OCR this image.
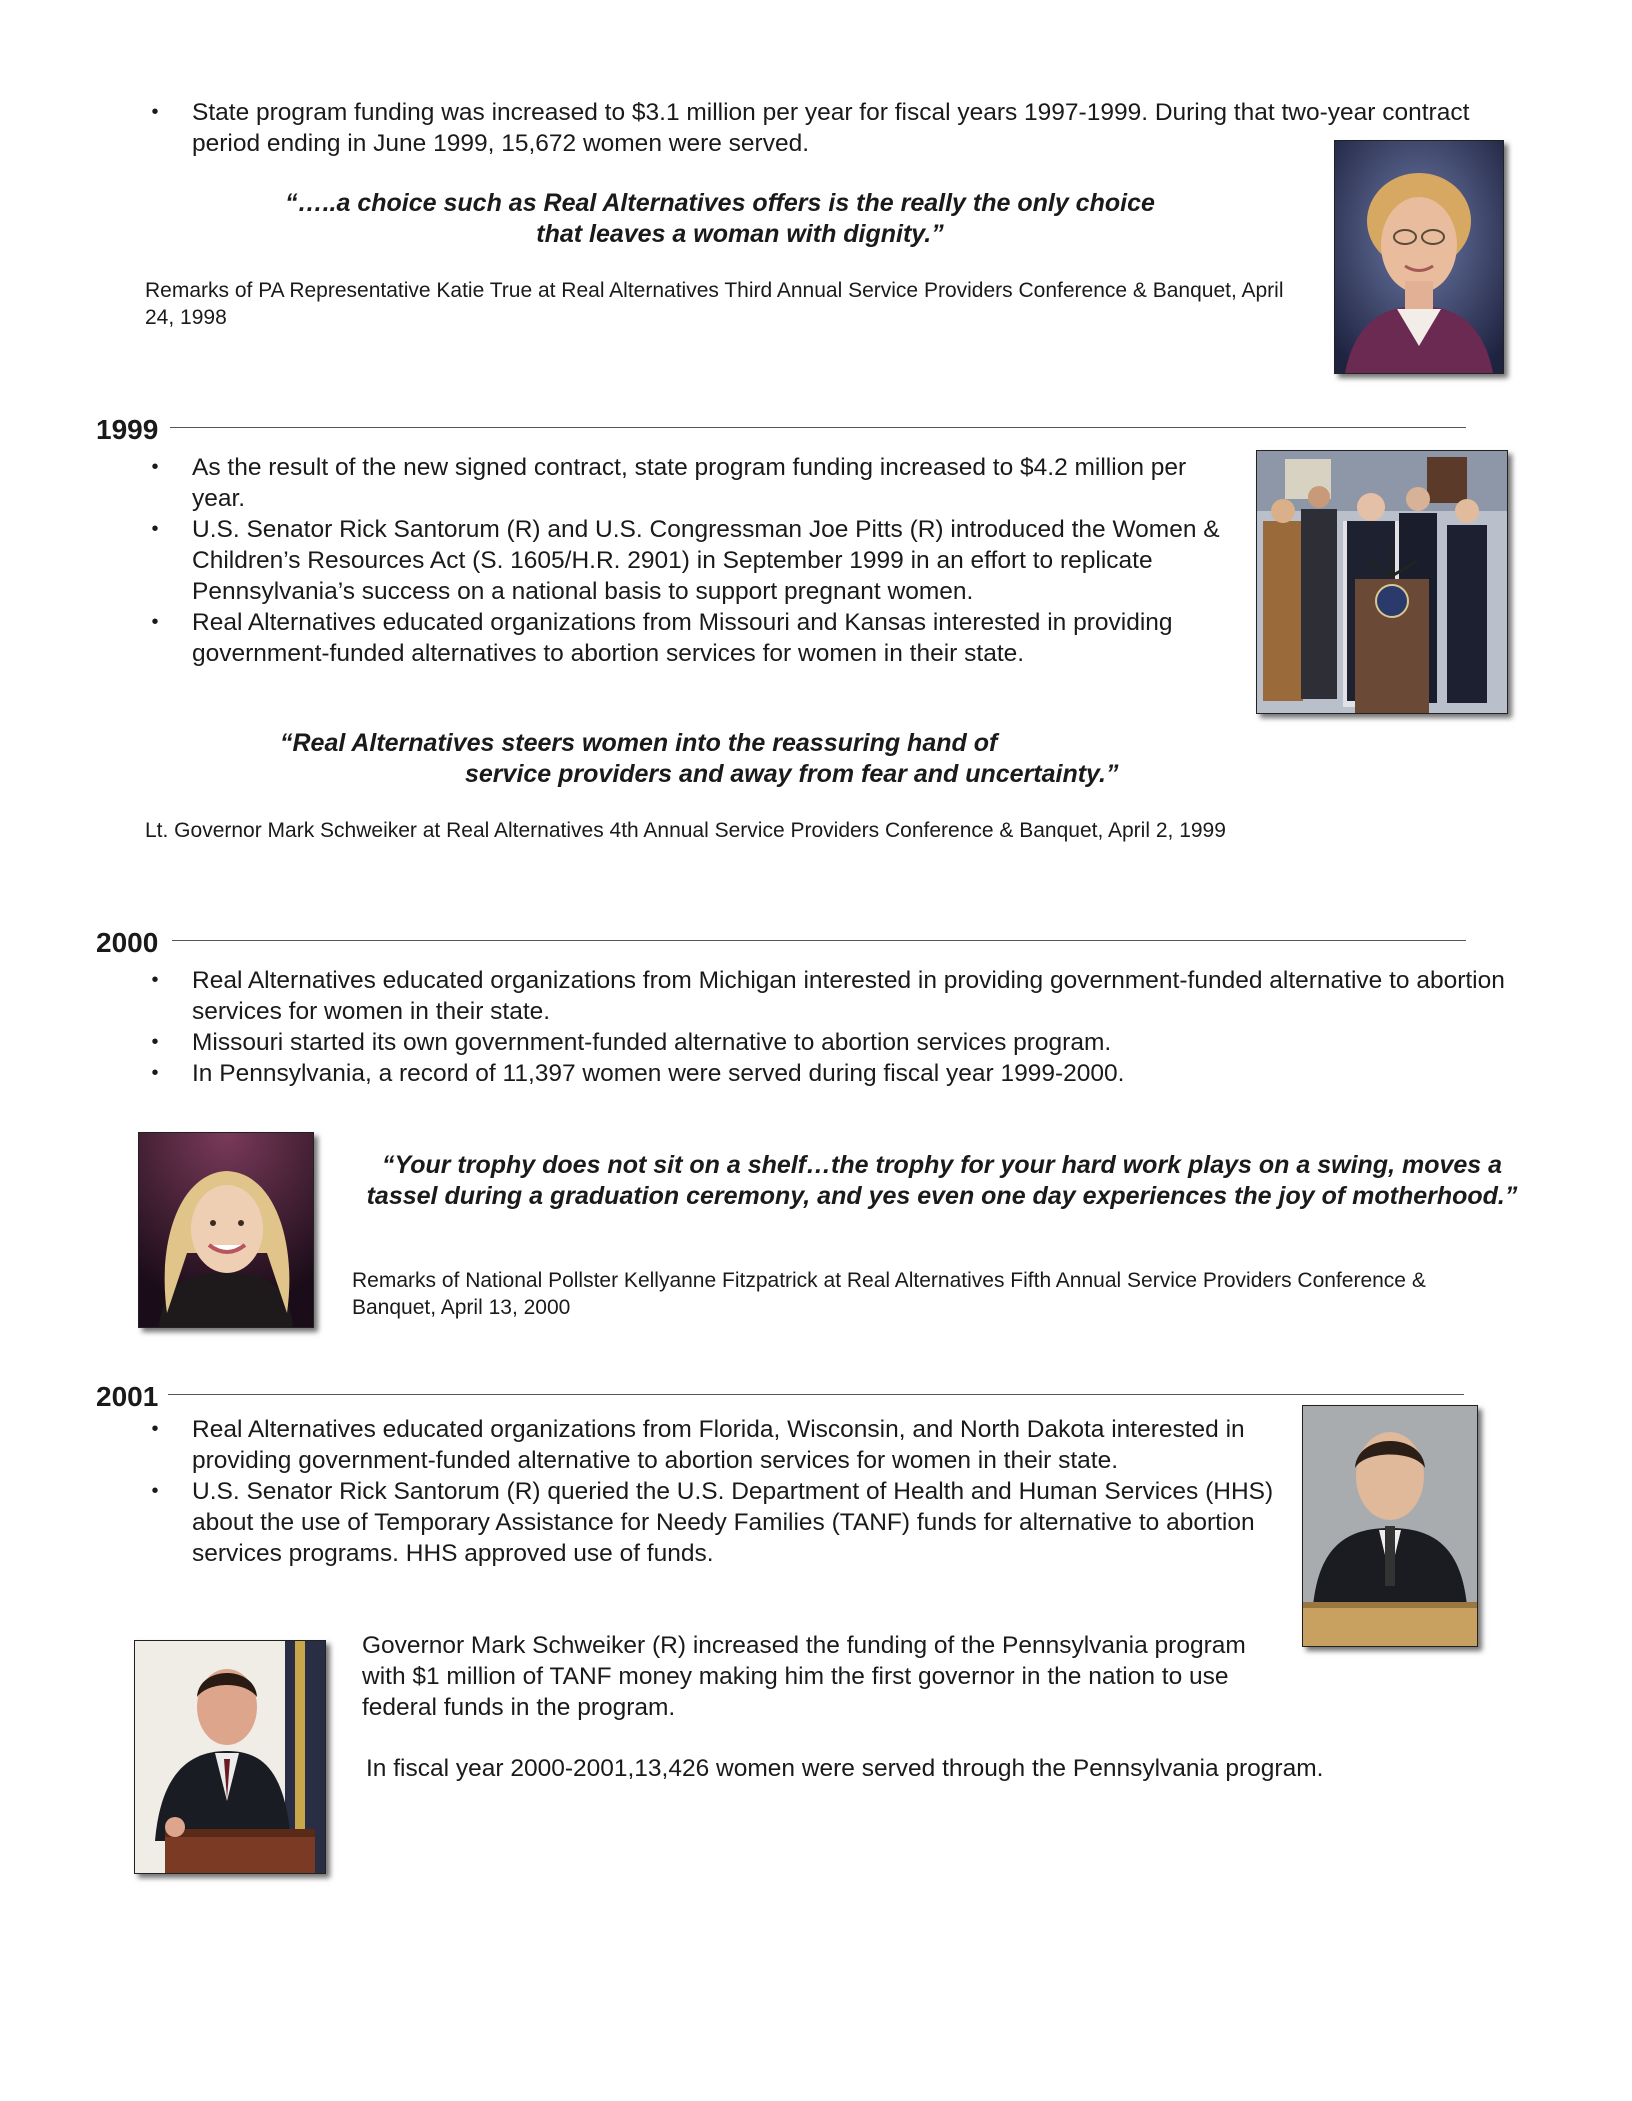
• State program funding was increased to $3.1 million per year for fiscal years 1997-1999. During that two-year contract period ending in June 1999, 15,672 women were served.
“…..a choice such as Real Alternatives offers is the really the only choice
that leaves a woman with dignity.”
Remarks of PA Representative Katie True at Real Alternatives Third Annual Service Providers Conference & Banquet, April 24, 1998
1999
• As the result of the new signed contract, state program funding increased to $4.2 million per year.
• U.S. Senator Rick Santorum (R) and U.S. Congressman Joe Pitts (R) introduced the Women & Children’s Resources Act (S. 1605/H.R. 2901) in September 1999 in an effort to replicate Pennsylvania’s success on a national basis to support pregnant women.
• Real Alternatives educated organizations from Missouri and Kansas interested in providing government-funded alternatives to abortion services for women in their state.
“Real Alternatives steers women into the reassuring hand of
service providers and away from fear and uncertainty.”
Lt. Governor Mark Schweiker at Real Alternatives 4th Annual Service Providers Conference & Banquet, April 2, 1999
2000
• Real Alternatives educated organizations from Michigan interested in providing government-funded alternative to abortion services for women in their state.
• Missouri started its own government-funded alternative to abortion services program.
• In Pennsylvania, a record of 11,397 women were served during fiscal year 1999-2000.
“Your trophy does not sit on a shelf…the trophy for your hard work plays on a swing, moves a tassel during a graduation ceremony, and yes even one day experiences the joy of motherhood.”
Remarks of National Pollster Kellyanne Fitzpatrick at Real Alternatives Fifth Annual Service Providers Conference & Banquet, April 13, 2000
2001
• Real Alternatives educated organizations from Florida, Wisconsin, and North Dakota interested in providing government-funded alternative to abortion services for women in their state.
• U.S. Senator Rick Santorum (R) queried the U.S. Department of Health and Human Services (HHS) about the use of Temporary Assistance for Needy Families (TANF) funds for alternative to abortion services programs. HHS approved use of funds.
Governor Mark Schweiker (R) increased the funding of the Pennsylvania program with $1 million of TANF money making him the first governor in the nation to use federal funds in the program.
In fiscal year 2000-2001,13,426 women were served through the Pennsylvania program.
